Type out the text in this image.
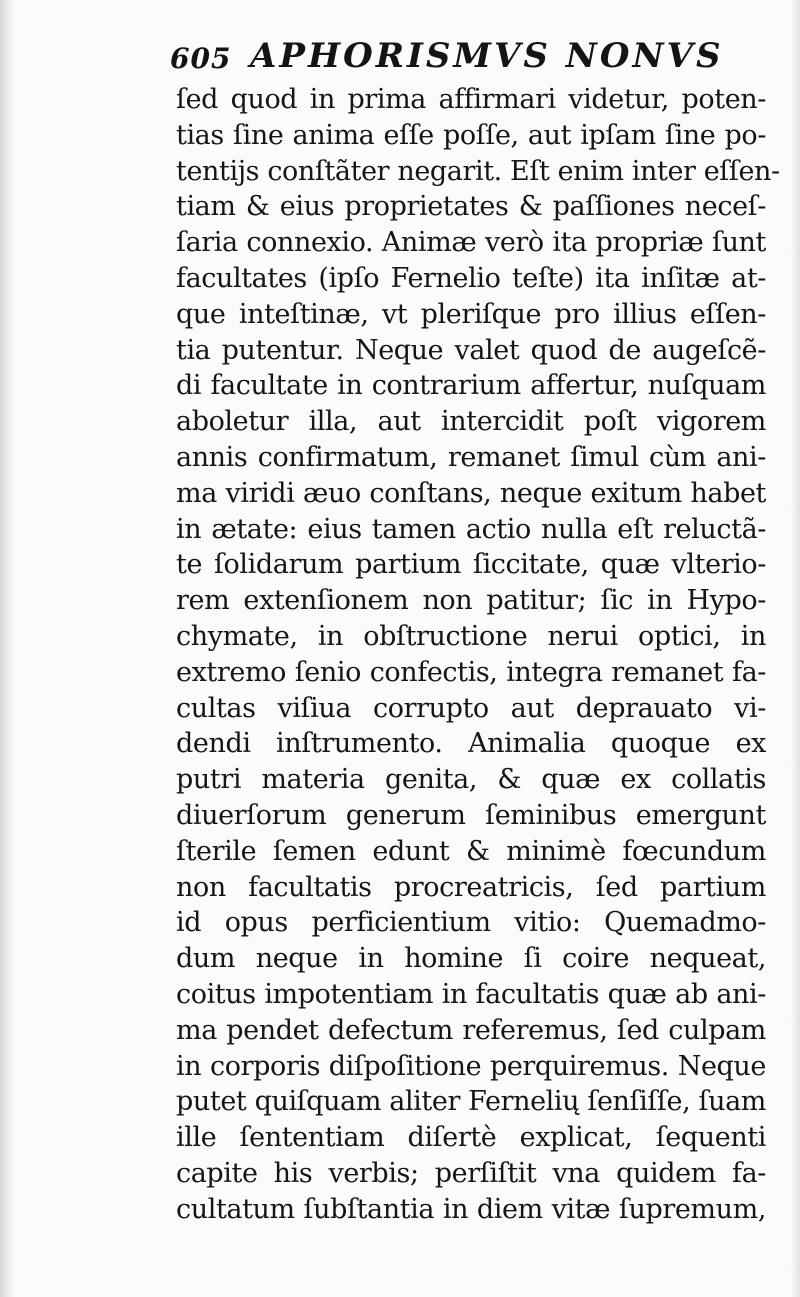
605 APHORISMVS NONVS
ſed quod in prima affirmari videtur, poten-
tias ſine anima eſſe poſſe, aut ipſam ſine po-
tentijs conſtãter negarit. Eſt enim inter eſſen-
tiam & eius proprietates & paſſiones neceſ-
ſaria connexio. Animæ verò ita propriæ ſunt
facultates (ipſo Fernelio teſte) ita inſitæ at-
que inteſtinæ, vt pleriſque pro illius eſſen-
tia putentur. Neque valet quod de augeſcẽ-
di facultate in contrarium affertur, nuſquam
aboletur illa, aut intercidit poſt vigorem
annis confirmatum, remanet ſimul cùm ani-
ma viridi æuo conſtans, neque exitum habet
in ætate: eius tamen actio nulla eſt reluctã-
te ſolidarum partium ſiccitate, quæ vlterio-
rem extenſionem non patitur; ſic in Hypo-
chymate, in obſtructione nerui optici, in
extremo ſenio confectis, integra remanet fa-
cultas viſiua corrupto aut deprauato vi-
dendi inſtrumento. Animalia quoque ex
putri materia genita, & quæ ex collatis
diuerſorum generum ſeminibus emergunt
ſterile ſemen edunt & minimè fœcundum
non facultatis procreatricis, ſed partium
id opus perficientium vitio: Quemadmo-
dum neque in homine ſi coire nequeat,
coitus impotentiam in facultatis quæ ab ani-
ma pendet defectum referemus, ſed culpam
in corporis diſpoſitione perquiremus. Neque
putet quiſquam aliter Fernelių ſenſiſſe, ſuam
ille ſententiam diſertè explicat, ſequenti
capite his verbis; perſiſtit vna quidem fa-
cultatum ſubſtantia in diem vitæ ſupremum,
